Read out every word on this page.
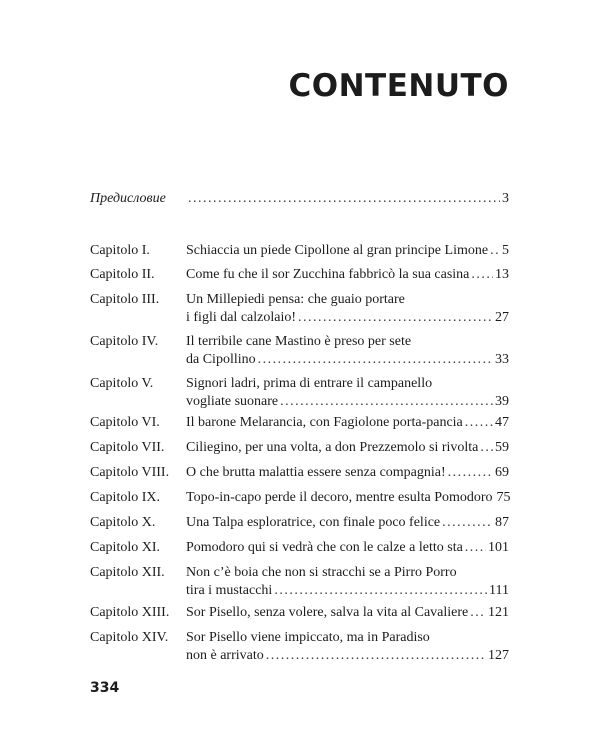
CONTENUTO
Предисловие . . .	3
Capitolo I.	Schiaccia un piede Cipollone al gran principe Limone . . . 5
Capitolo II.	Come fu che il sor Zucchina fabbricò la sua casina . . . 13
Capitolo III.	Un Millepiedi pensa: che guaio portare
i figli dal calzolaio! . . .	27
Capitolo IV.	Il terribile cane Mastino è preso per sete
da Cipollino . . .	33
Capitolo V.	Signori ladri, prima di entrare il campanello
vogliate suonare . . .	39
Capitolo VI.	Il barone Melarancia, con Fagiolone porta-pancia . . . 47
Capitolo VII.	Ciliegino, per una volta, a don Prezzemolo si rivolta . . . 59
Capitolo VIII.	O che brutta malattia essere senza compagnia! . . .	69
Capitolo IX.	Topo-in-capo perde il decoro, mentre esulta Pomodoro 75
Capitolo X.	Una Talpa esploratrice, con finale poco felice . . .	87
Capitolo XI.	Pomodoro qui si vedrà che con le calze a letto sta . . . 101
Capitolo XII.	Non c’è boia che non si stracchi se a Pirro Porro
tira i mustacchi . . .	111
Capitolo XIII.	Sor Pisello, senza volere, salva la vita al Cavaliere . . . 121
Capitolo XIV.	Sor Pisello viene impiccato, ma in Paradiso
non è arrivato . . .	127
334
